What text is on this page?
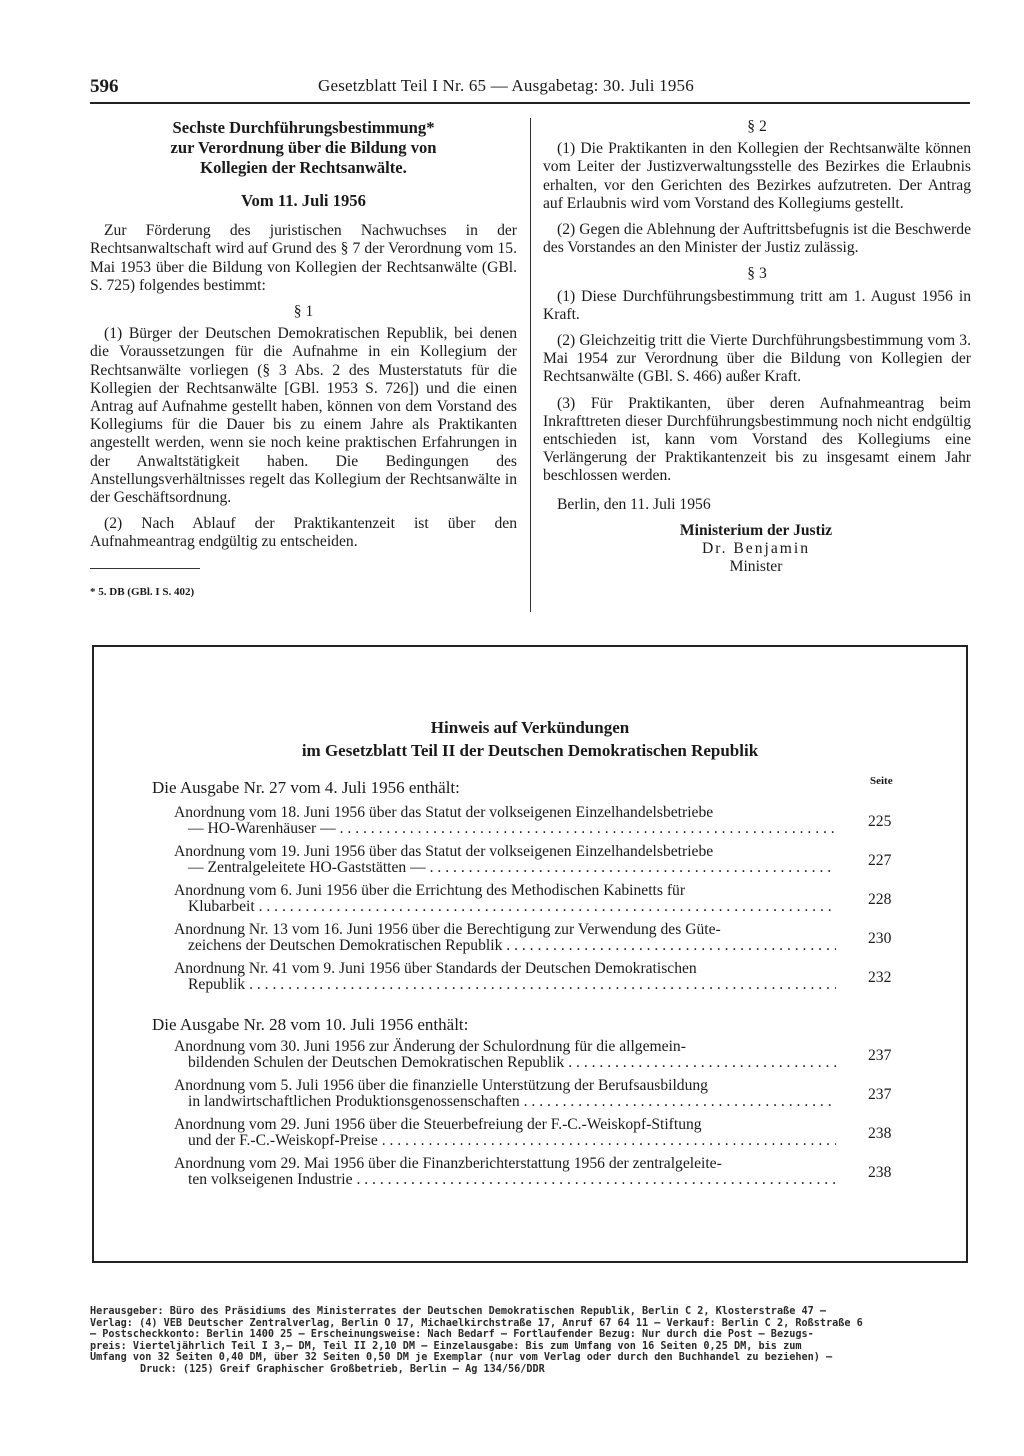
596	Gesetzblatt Teil I Nr. 65 — Ausgabetag: 30. Juli 1956
Sechste Durchführungsbestimmung*
zur Verordnung über die Bildung von
Kollegien der Rechtsanwälte.
Vom 11. Juli 1956

Zur Förderung des juristischen Nachwuchses in der Rechtsanwaltschaft wird auf Grund des § 7 der Verordnung vom 15. Mai 1953 über die Bildung von Kollegien der Rechtsanwälte (GBl. S. 725) folgendes bestimmt:

§ 1

(1) Bürger der Deutschen Demokratischen Republik, bei denen die Voraussetzungen für die Aufnahme in ein Kollegium der Rechtsanwälte vorliegen (§ 3 Abs. 2 des Musterstatuts für die Kollegien der Rechtsanwälte [GBl. 1953 S. 726]) und die einen Antrag auf Aufnahme gestellt haben, können von dem Vorstand des Kollegiums für die Dauer bis zu einem Jahre als Praktikanten angestellt werden, wenn sie noch keine praktischen Erfahrungen in der Anwaltstätigkeit haben. Die Bedingungen des Anstellungsverhältnisses regelt das Kollegium der Rechtsanwälte in der Geschäftsordnung.

(2) Nach Ablauf der Praktikantenzeit ist über den Aufnahmeantrag endgültig zu entscheiden.

* 5. DB (GBl. I S. 402)
§ 2

(1) Die Praktikanten in den Kollegien der Rechtsanwälte können vom Leiter der Justizverwaltungsstelle des Bezirkes die Erlaubnis erhalten, vor den Gerichten des Bezirkes aufzutreten. Der Antrag auf Erlaubnis wird vom Vorstand des Kollegiums gestellt.

(2) Gegen die Ablehnung der Auftrittsbefugnis ist die Beschwerde des Vorstandes an den Minister der Justiz zulässig.

§ 3

(1) Diese Durchführungsbestimmung tritt am 1. August 1956 in Kraft.

(2) Gleichzeitig tritt die Vierte Durchführungsbestimmung vom 3. Mai 1954 zur Verordnung über die Bildung von Kollegien der Rechtsanwälte (GBl. S. 466) außer Kraft.

(3) Für Praktikanten, über deren Aufnahmeantrag beim Inkrafttreten dieser Durchführungsbestimmung noch nicht endgültig entschieden ist, kann vom Vorstand des Kollegiums eine Verlängerung der Praktikantenzeit bis zu insgesamt einem Jahr beschlossen werden.

Berlin, den 11. Juli 1956

Ministerium der Justiz
Dr. Benjamin
Minister
Hinweis auf Verkündungen
im Gesetzblatt Teil II der Deutschen Demokratischen Republik
Die Ausgabe Nr. 27 vom 4. Juli 1956 enthält:	Seite
Anordnung vom 18. Juni 1956 über das Statut der volkseigenen Einzelhandelsbetriebe
— HO-Warenhäuser — . . .	225
Anordnung vom 19. Juni 1956 über das Statut der volkseigenen Einzelhandelsbetriebe
— Zentralgeleitete HO-Gaststätten — . . .	227
Anordnung vom 6. Juni 1956 über die Errichtung des Methodischen Kabinetts für
Klubarbeit . . .	228
Anordnung Nr. 13 vom 16. Juni 1956 über die Berechtigung zur Verwendung des Güte-
zeichens der Deutschen Demokratischen Republik . . .	230
Anordnung Nr. 41 vom 9. Juni 1956 über Standards der Deutschen Demokratischen
Republik . . .	232
Die Ausgabe Nr. 28 vom 10. Juli 1956 enthält:
Anordnung vom 30. Juni 1956 zur Änderung der Schulordnung für die allgemein-
bildenden Schulen der Deutschen Demokratischen Republik . . .	237
Anordnung vom 5. Juli 1956 über die finanzielle Unterstützung der Berufsausbildung
in landwirtschaftlichen Produktionsgenossenschaften . . .	237
Anordnung vom 29. Juni 1956 über die Steuerbefreiung der F.-C.-Weiskopf-Stiftung
und der F.-C.-Weiskopf-Preise . . .	238
Anordnung vom 29. Mai 1956 über die Finanzberichterstattung 1956 der zentralgeleite-
ten volkseigenen Industrie . . .	238
Herausgeber: Büro des Präsidiums des Ministerrates der Deutschen Demokratischen Republik, Berlin C 2, Klosterstraße 47 —
Verlag: (4) VEB Deutscher Zentralverlag, Berlin O 17, Michaelkirchstraße 17, Anruf 67 64 11 — Verkauf: Berlin C 2, Roßstraße 6
— Postscheckkonto: Berlin 1400 25 — Erscheinungsweise: Nach Bedarf — Fortlaufender Bezug: Nur durch die Post — Bezugs-
preis: Vierteljährlich Teil I 3,— DM, Teil II 2,10 DM — Einzelausgabe: Bis zum Umfang von 16 Seiten 0,25 DM, bis zum
Umfang von 32 Seiten 0,40 DM, über 32 Seiten 0,50 DM je Exemplar (nur vom Verlag oder durch den Buchhandel zu beziehen) —
Druck: (125) Greif Graphischer Großbetrieb, Berlin — Ag 134/56/DDR
